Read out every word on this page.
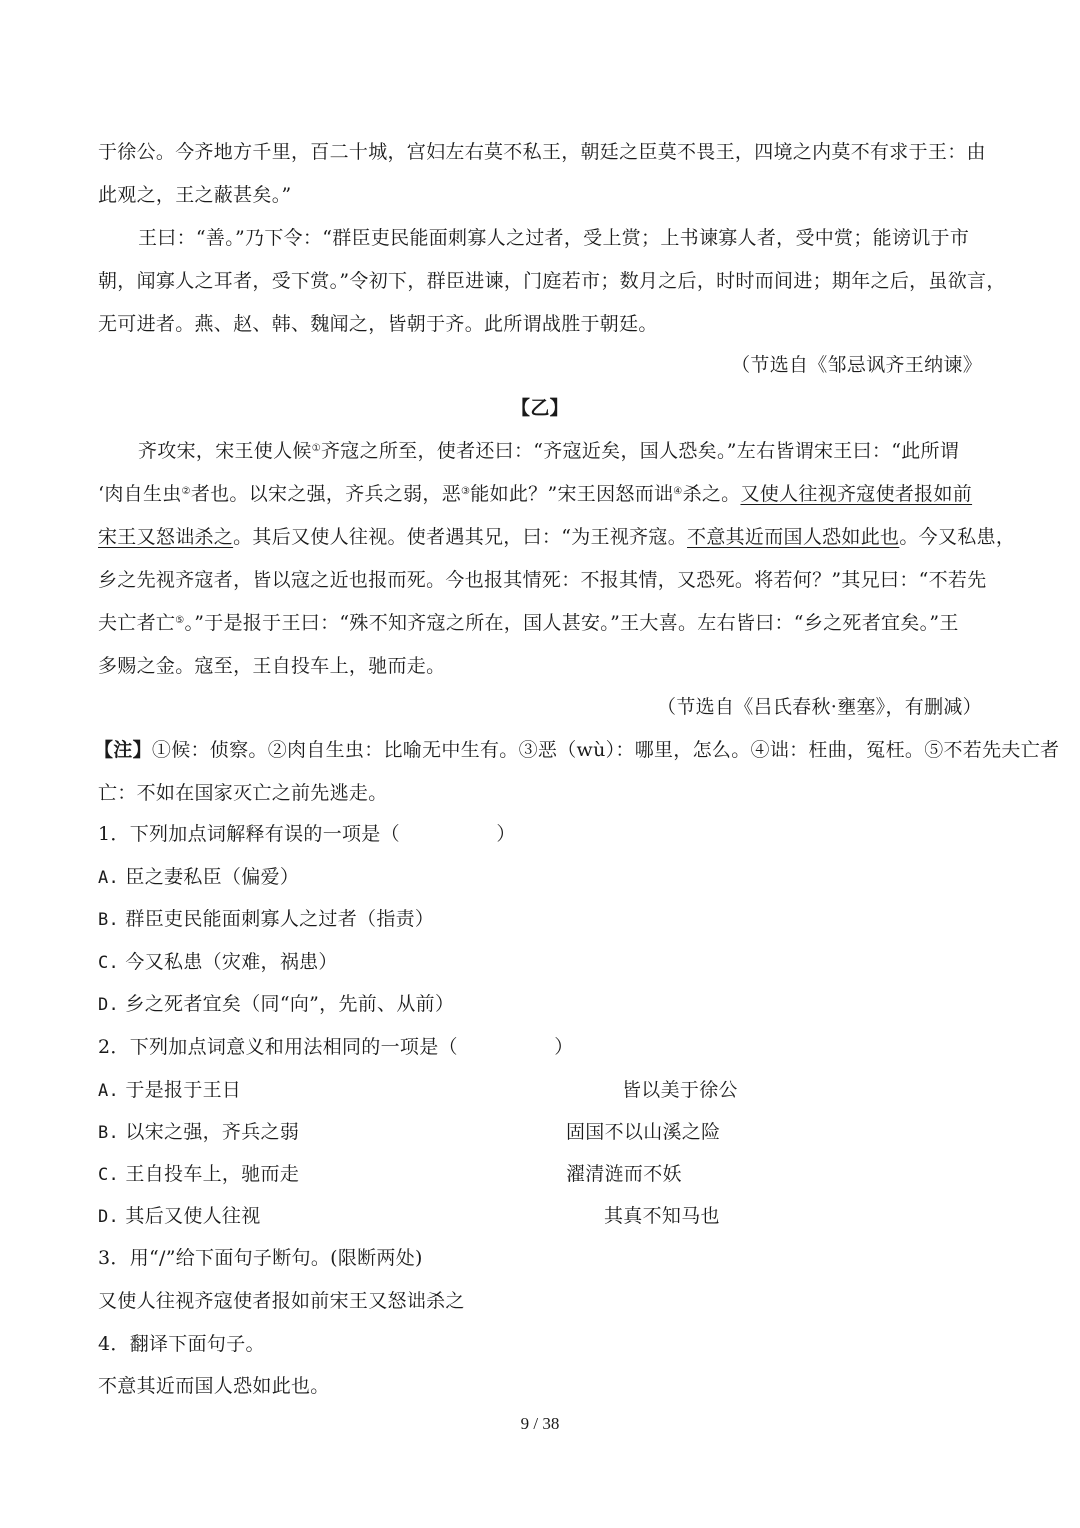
于徐公。今齐地方千里，百二十城，宫妇左右莫不私王，朝廷之臣莫不畏王，四境之内莫不有求于王：由
此观之，王之蔽甚矣。”
王曰：“善。”乃下令：“群臣吏民能面刺寡人之过者，受上赏；上书谏寡人者，受中赏；能谤讥于市
朝，闻寡人之耳者，受下赏。”令初下，群臣进谏，门庭若市；数月之后，时时而间进；期年之后，虽欲言，
无可进者。燕、赵、韩、魏闻之，皆朝于齐。此所谓战胜于朝廷。
（节选自《邹忌讽齐王纳谏》
【乙】
齐攻宋，宋王使人候①齐寇之所至，使者还曰：“齐寇近矣，国人恐矣。”左右皆谓宋王曰：“此所谓
‘肉自生虫②者也。以宋之强，齐兵之弱，恶③能如此？”宋王因怒而诎④杀之。又使人往视齐寇使者报如前
宋王又怒诎杀之。其后又使人往视。使者遇其兄，曰：“为王视齐寇。不意其近而国人恐如此也。今又私患，
乡之先视齐寇者，皆以寇之近也报而死。今也报其情死：不报其情，又恐死。将若何？”其兄曰：“不若先
夫亡者亡⑤。”于是报于王曰：“殊不知齐寇之所在，国人甚安。”王大喜。左右皆曰：“乡之死者宜矣。”王
多赐之金。寇至，王自投车上，驰而走。
（节选自《吕氏春秋·壅塞》，有删减）
【注】①候：侦察。②肉自生虫：比喻无中生有。③恶（wù）：哪里，怎么。④诎：枉曲，冤枉。⑤不若先夫亡者
亡：不如在国家灭亡之前先逃走。
1．下列加点词解释有误的一项是（　　　　　）
A. 臣之妻私臣（偏爱）
B. 群臣吏民能面刺寡人之过者（指责）
C. 今又私患（灾难，祸患）
D. 乡之死者宜矣（同“向”，先前、从前）
2．下列加点词意义和用法相同的一项是（　　　　　）
A. 于是报于王日	皆以美于徐公
B. 以宋之强，齐兵之弱	固国不以山溪之险
C. 王自投车上，驰而走	濯清涟而不妖
D. 其后又使人往视	其真不知马也
3．用“/”给下面句子断句。(限断两处)
又使人往视齐寇使者报如前宋王又怒诎杀之
4．翻译下面句子。
不意其近而国人恐如此也。
9 / 38
